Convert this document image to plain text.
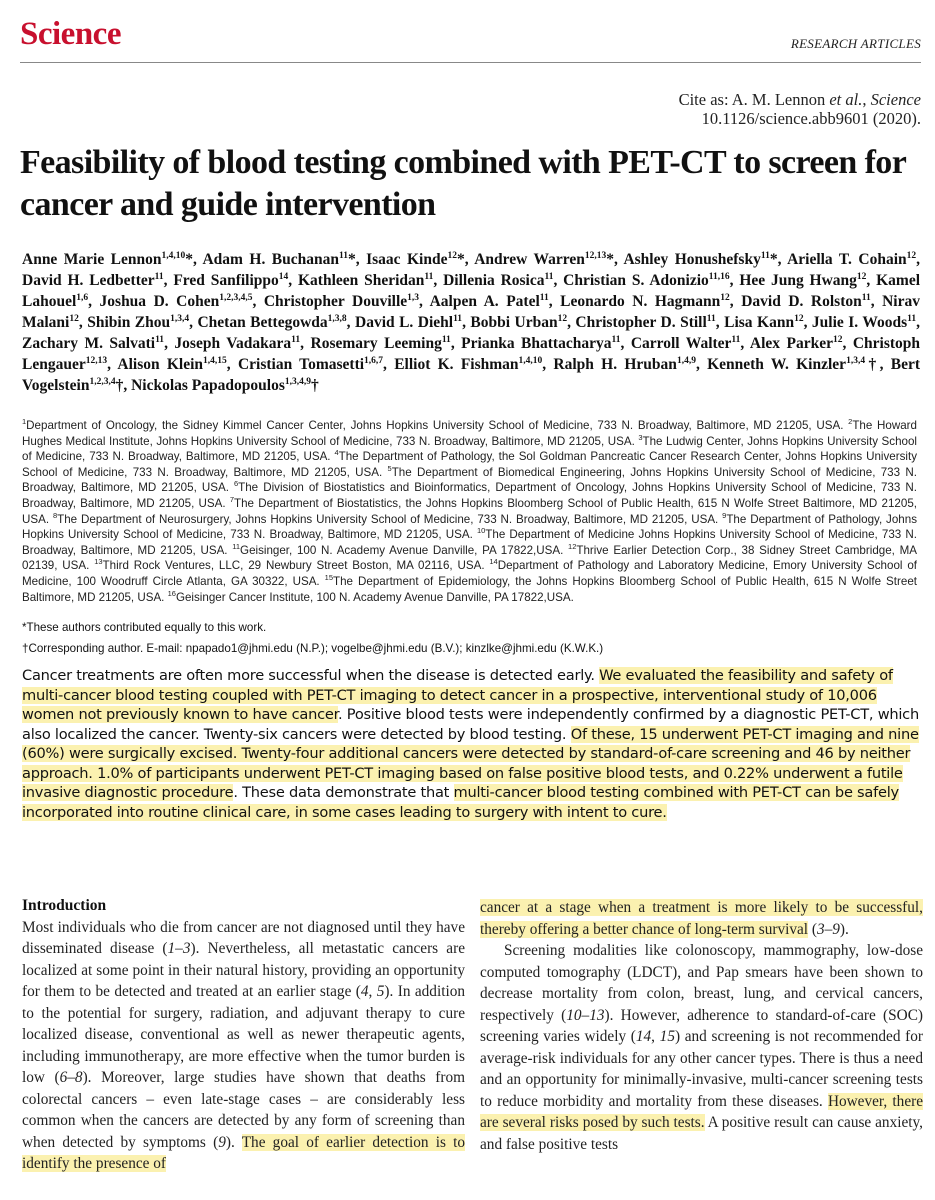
Science	RESEARCH ARTICLES
Cite as: A. M. Lennon et al., Science
10.1126/science.abb9601 (2020).
Feasibility of blood testing combined with PET-CT to screen for cancer and guide intervention
Anne Marie Lennon$^{1,4,10}$*, Adam H. Buchanan$^{11}$*, Isaac Kinde$^{12}$*, Andrew Warren$^{12,13}$*, Ashley Honushefsky$^{11}$*, Ariella T. Cohain$^{12}$, David H. Ledbetter$^{11}$, Fred Sanfilippo$^{14}$, Kathleen Sheridan$^{11}$, Dillenia Rosica$^{11}$, Christian S. Adonizio$^{11,16}$, Hee Jung Hwang$^{12}$, Kamel Lahouel$^{1,6}$, Joshua D. Cohen$^{1,2,3,4,5}$, Christopher Douville$^{1,3}$, Aalpen A. Patel$^{11}$, Leonardo N. Hagmann$^{12}$, David D. Rolston$^{11}$, Nirav Malani$^{12}$, Shibin Zhou$^{1,3,4}$, Chetan Bettegowda$^{1,3,8}$, David L. Diehl$^{11}$, Bobbi Urban$^{12}$, Christopher D. Still$^{11}$, Lisa Kann$^{12}$, Julie I. Woods$^{11}$, Zachary M. Salvati$^{11}$, Joseph Vadakara$^{11}$, Rosemary Leeming$^{11}$, Prianka Bhattacharya$^{11}$, Carroll Walter$^{11}$, Alex Parker$^{12}$, Christoph Lengauer$^{12,13}$, Alison Klein$^{1,4,15}$, Cristian Tomasetti$^{1,6,7}$, Elliot K. Fishman$^{1,4,10}$, Ralph H. Hruban$^{1,4,9}$, Kenneth W. Kinzler$^{1,3,4}$†, Bert Vogelstein$^{1,2,3,4}$†, Nickolas Papadopoulos$^{1,3,4,9}$†
$^1$Department of Oncology, the Sidney Kimmel Cancer Center, Johns Hopkins University School of Medicine, 733 N. Broadway, Baltimore, MD 21205, USA. $^2$The Howard Hughes Medical Institute, Johns Hopkins University School of Medicine, 733 N. Broadway, Baltimore, MD 21205, USA. $^3$The Ludwig Center, Johns Hopkins University School of Medicine, 733 N. Broadway, Baltimore, MD 21205, USA. $^4$The Department of Pathology, the Sol Goldman Pancreatic Cancer Research Center, Johns Hopkins University School of Medicine, 733 N. Broadway, Baltimore, MD 21205, USA. $^5$The Department of Biomedical Engineering, Johns Hopkins University School of Medicine, 733 N. Broadway, Baltimore, MD 21205, USA. $^6$The Division of Biostatistics and Bioinformatics, Department of Oncology, Johns Hopkins University School of Medicine, 733 N. Broadway, Baltimore, MD 21205, USA. $^7$The Department of Biostatistics, the Johns Hopkins Bloomberg School of Public Health, 615 N Wolfe Street Baltimore, MD 21205, USA. $^8$The Department of Neurosurgery, Johns Hopkins University School of Medicine, 733 N. Broadway, Baltimore, MD 21205, USA. $^9$The Department of Pathology, Johns Hopkins University School of Medicine, 733 N. Broadway, Baltimore, MD 21205, USA. $^{10}$The Department of Medicine Johns Hopkins University School of Medicine, 733 N. Broadway, Baltimore, MD 21205, USA. $^{11}$Geisinger, 100 N. Academy Avenue Danville, PA 17822,USA. $^{12}$Thrive Earlier Detection Corp., 38 Sidney Street Cambridge, MA 02139, USA. $^{13}$Third Rock Ventures, LLC, 29 Newbury Street Boston, MA 02116, USA. $^{14}$Department of Pathology and Laboratory Medicine, Emory University School of Medicine, 100 Woodruff Circle Atlanta, GA 30322, USA. $^{15}$The Department of Epidemiology, the Johns Hopkins Bloomberg School of Public Health, 615 N Wolfe Street Baltimore, MD 21205, USA. $^{16}$Geisinger Cancer Institute, 100 N. Academy Avenue Danville, PA 17822,USA.
*These authors contributed equally to this work.
†Corresponding author. E-mail: npapado1@jhmi.edu (N.P.); vogelbe@jhmi.edu (B.V.); kinzlke@jhmi.edu (K.W.K.)
Cancer treatments are often more successful when the disease is detected early. We evaluated the feasibility and safety of multi-cancer blood testing coupled with PET-CT imaging to detect cancer in a prospective, interventional study of 10,006 women not previously known to have cancer. Positive blood tests were independently confirmed by a diagnostic PET-CT, which also localized the cancer. Twenty-six cancers were detected by blood testing. Of these, 15 underwent PET-CT imaging and nine (60%) were surgically excised. Twenty-four additional cancers were detected by standard-of-care screening and 46 by neither approach. 1.0% of participants underwent PET-CT imaging based on false positive blood tests, and 0.22% underwent a futile invasive diagnostic procedure. These data demonstrate that multi-cancer blood testing combined with PET-CT can be safely incorporated into routine clinical care, in some cases leading to surgery with intent to cure.

Introduction

Most individuals who die from cancer are not diagnosed until they have disseminated disease (1–3). Nevertheless, all metastatic cancers are localized at some point in their natural history, providing an opportunity for them to be detected and treated at an earlier stage (4, 5). In addition to the potential for surgery, radiation, and adjuvant therapy to cure localized disease, conventional as well as newer therapeutic agents, including immunotherapy, are more effective when the tumor burden is low (6–8). Moreover, large studies have shown that deaths from colorectal cancers – even late-stage cases – are considerably less common when the cancers are detected by any form of screening than when detected by symptoms (9). The goal of earlier detection is to identify the presence of

cancer at a stage when a treatment is more likely to be successful, thereby offering a better chance of long-term survival (3–9).

Screening modalities like colonoscopy, mammography, low-dose computed tomography (LDCT), and Pap smears have been shown to decrease mortality from colon, breast, lung, and cervical cancers, respectively (10–13). However, adherence to standard-of-care (SOC) screening varies widely (14, 15) and screening is not recommended for average-risk individuals for any other cancer types. There is thus a need and an opportunity for minimally-invasive, multi-cancer screening tests to reduce morbidity and mortality from these diseases. However, there are several risks posed by such tests. A positive result can cause anxiety, and false positive tests
